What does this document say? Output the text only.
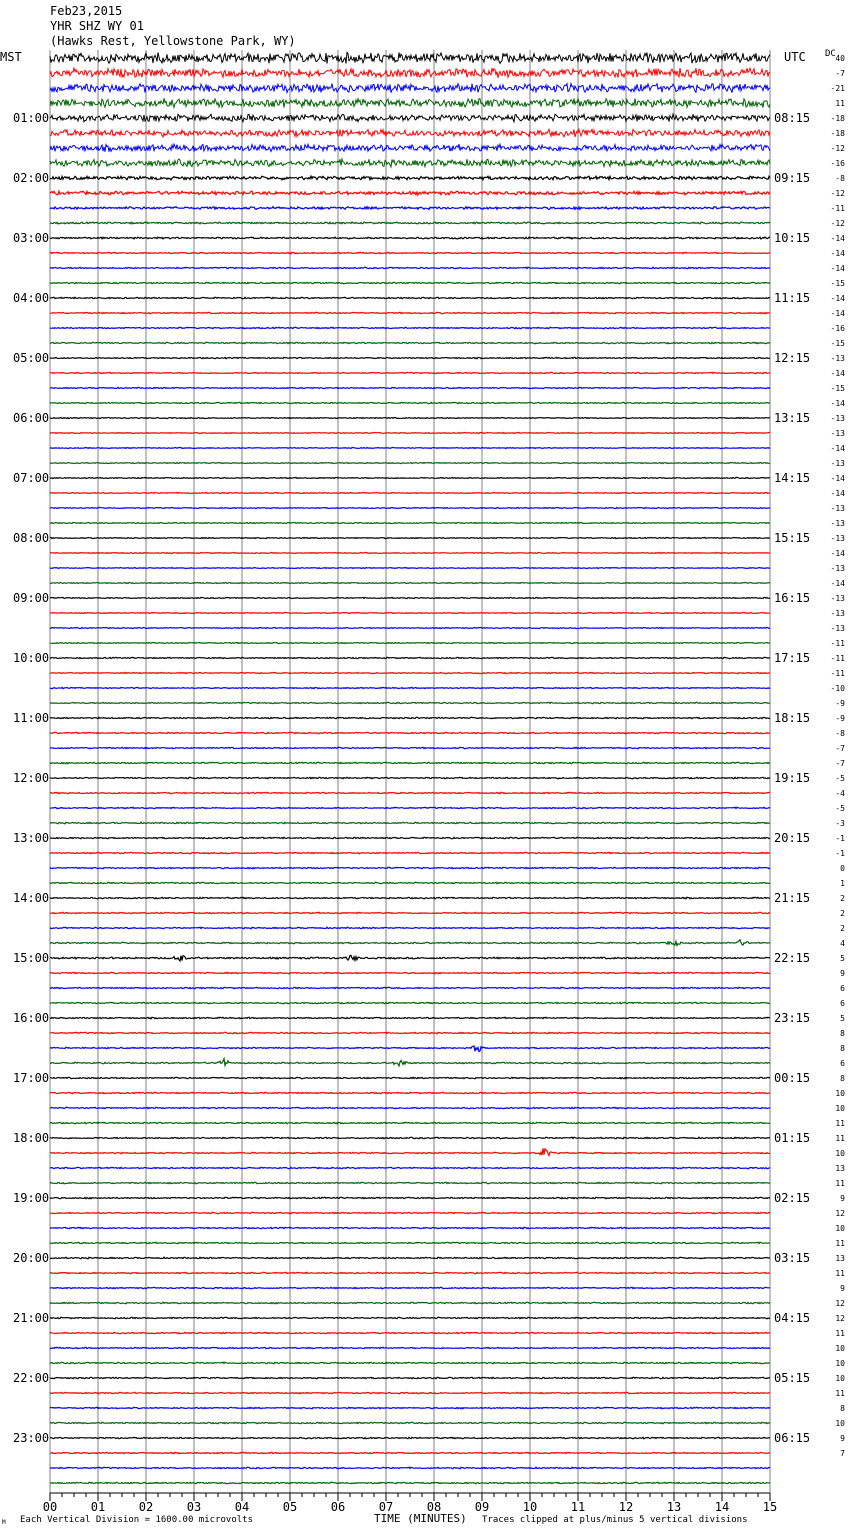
Feb23,2015
YHR SHZ WY 01
(Hawks Rest, Yellowstone Park, WY)
MST	UTC DC
01:00
02:00
03:00
04:00
05:00
06:00
07:00
08:00
09:00
10:00
11:00
12:00
13:00
14:00
15:00
16:00
17:00
18:00
19:00
20:00
21:00
22:00
23:00
08:15
09:15
10:15
11:15
12:15
13:15
14:15
15:15
16:15
17:15
18:15
19:15
20:15
21:15
22:15
23:15
00:15
01:15
02:15
03:15
04:15
05:15
06:15
40
-7
-21
11
-18
-18
-12
-16
-8
-12
-11
-12
-14
-14
-14
-15
-14
-14
-16
-15
-13
-14
-15
-14
-13
-13
-14
-13
-14
-14
-13
-13
-13
-14
-13
-14
-13
-13
-13
-11
-11
-11
-10
-9
-9
-8
-7
-7
-5
-4
-5
-3
-1
-1
0
1
2
2
2
4
5
9
6
6
5
8
8
6
8
10
10
11
11
10
13
11
9
12
10
11
13
11
9
12
12
11
10
10
10
11
8
10
9
7
00	01	02	03	04	05	06	07	08	09	10	11	12	13	14	15
M Each Vertical Division = 1600.00 microvolts	TIME (MINUTES) Traces clipped at plus/minus 5 vertical divisions
